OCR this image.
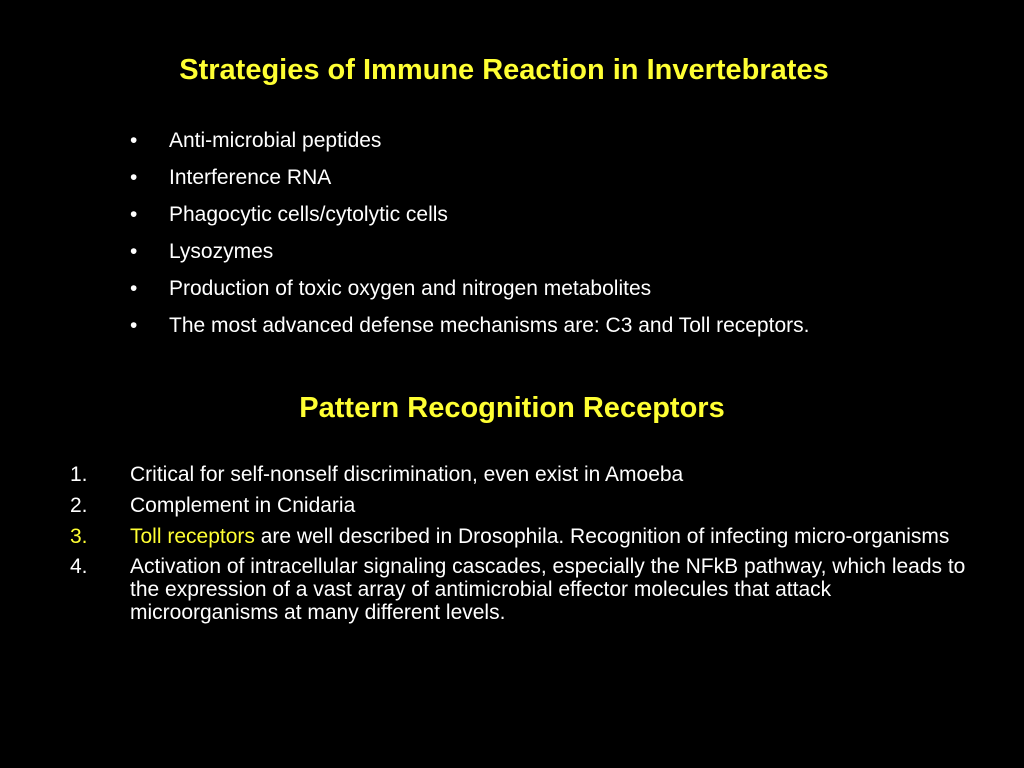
Strategies of Immune Reaction in Invertebrates
• Anti-microbial peptides
• Interference RNA
• Phagocytic cells/cytolytic cells
• Lysozymes
• Production of toxic oxygen and nitrogen metabolites
• The most advanced defense mechanisms are: C3 and Toll receptors.
Pattern Recognition Receptors
1. Critical for self-nonself discrimination, even exist in Amoeba
2. Complement in Cnidaria
3. Toll receptors are well described in Drosophila. Recognition of infecting micro-organisms
4. Activation of intracellular signaling cascades, especially the NFkB pathway, which leads to the expression of a vast array of antimicrobial effector molecules that attack microorganisms at many different levels.
